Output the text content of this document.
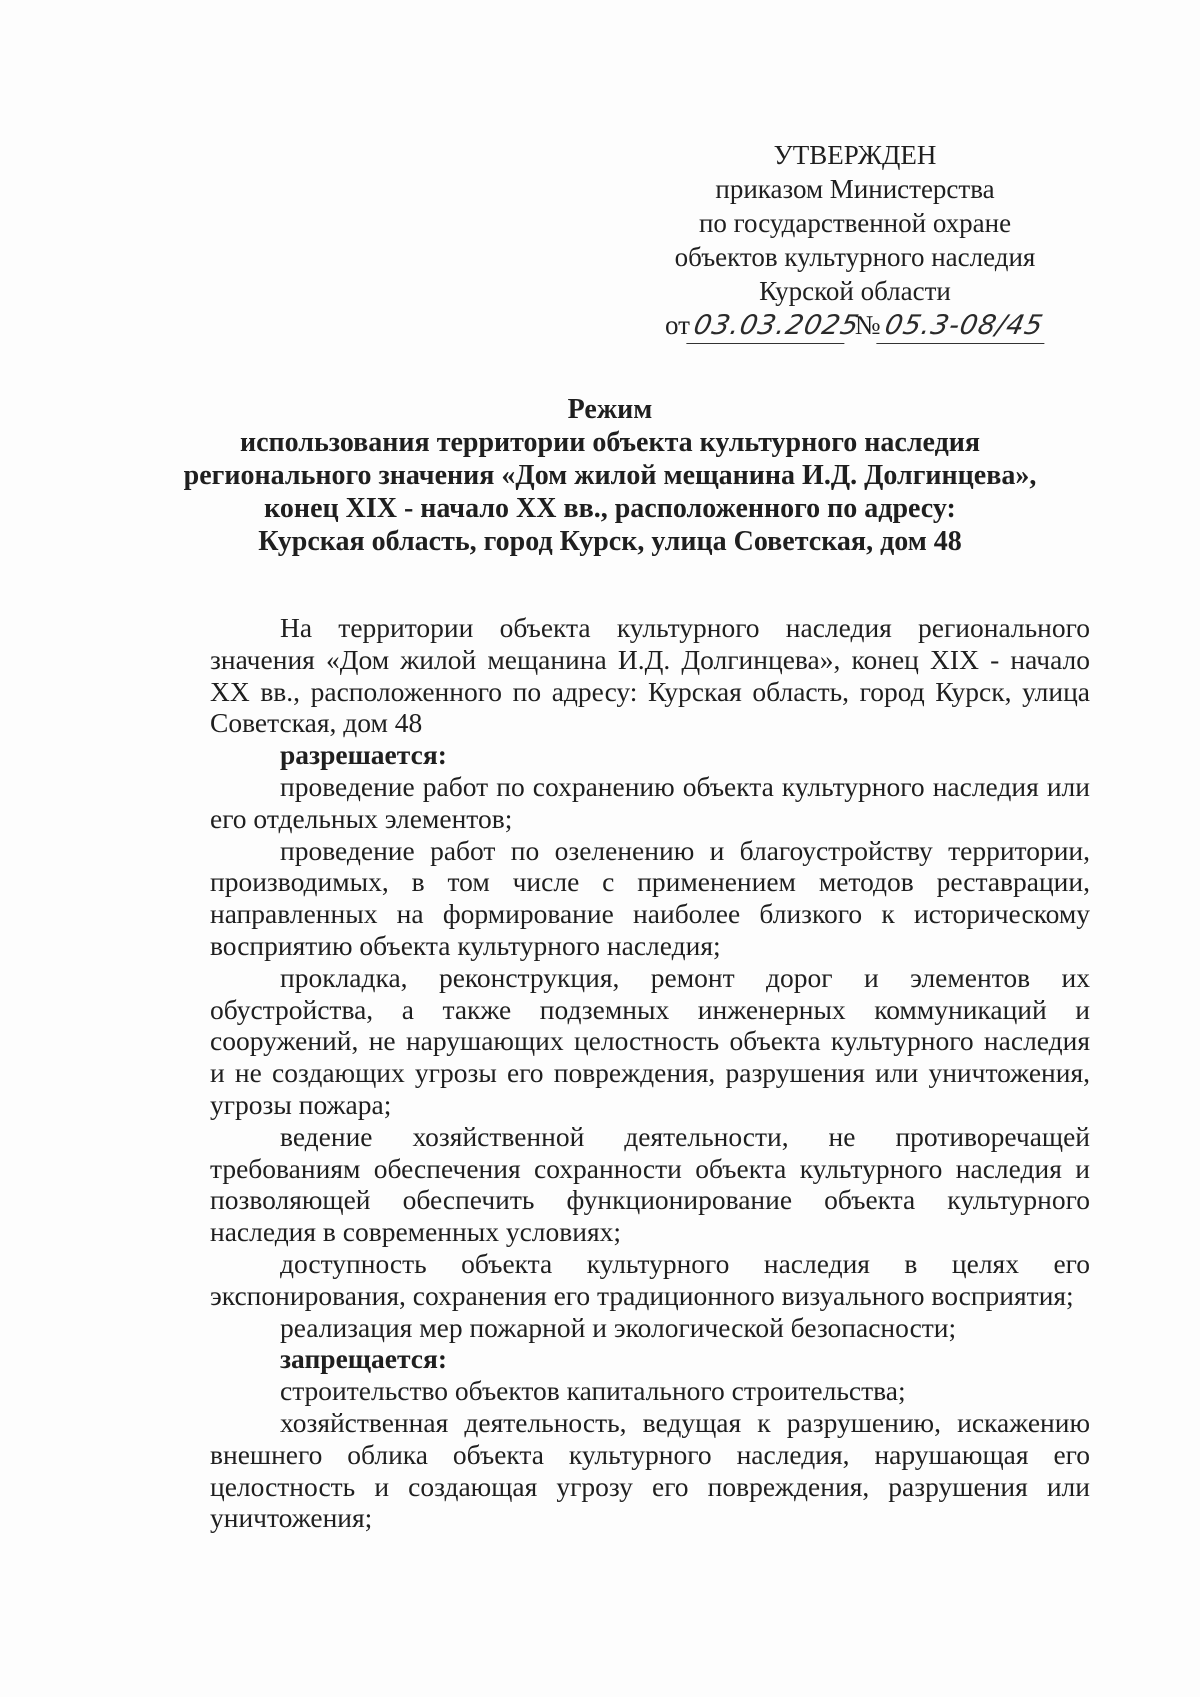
УТВЕРЖДЕН
приказом Министерства
по государственной охране
объектов культурного наследия
Курской области
от03.03.2025 №05.3-08/45
Режим
использования территории объекта культурного наследия
регионального значения «Дом жилой мещанина И.Д. Долгинцева»,
конец XIX - начало XX вв., расположенного по адресу:
Курская область, город Курск, улица Советская, дом 48

На территории объекта культурного наследия регионального значения «Дом жилой мещанина И.Д. Долгинцева», конец XIX - начало XX вв., расположенного по адресу: Курская область, город Курск, улица Советская, дом 48

разрешается:

проведение работ по сохранению объекта культурного наследия или его отдельных элементов;

проведение работ по озеленению и благоустройству территории, производимых, в том числе с применением методов реставрации, направленных на формирование наиболее близкого к историческому восприятию объекта культурного наследия;

прокладка, реконструкция, ремонт дорог и элементов их обустройства, а также подземных инженерных коммуникаций и сооружений, не нарушающих целостность объекта культурного наследия и не создающих угрозы его повреждения, разрушения или уничтожения, угрозы пожара;

ведение хозяйственной деятельности, не противоречащей требованиям обеспечения сохранности объекта культурного наследия и позволяющей обеспечить функционирование объекта культурного наследия в современных условиях;

доступность объекта культурного наследия в целях его экспонирования, сохранения его традиционного визуального восприятия;

реализация мер пожарной и экологической безопасности;

запрещается:

строительство объектов капитального строительства;

хозяйственная деятельность, ведущая к разрушению, искажению внешнего облика объекта культурного наследия, нарушающая его целостность и создающая угрозу его повреждения, разрушения или уничтожения;
